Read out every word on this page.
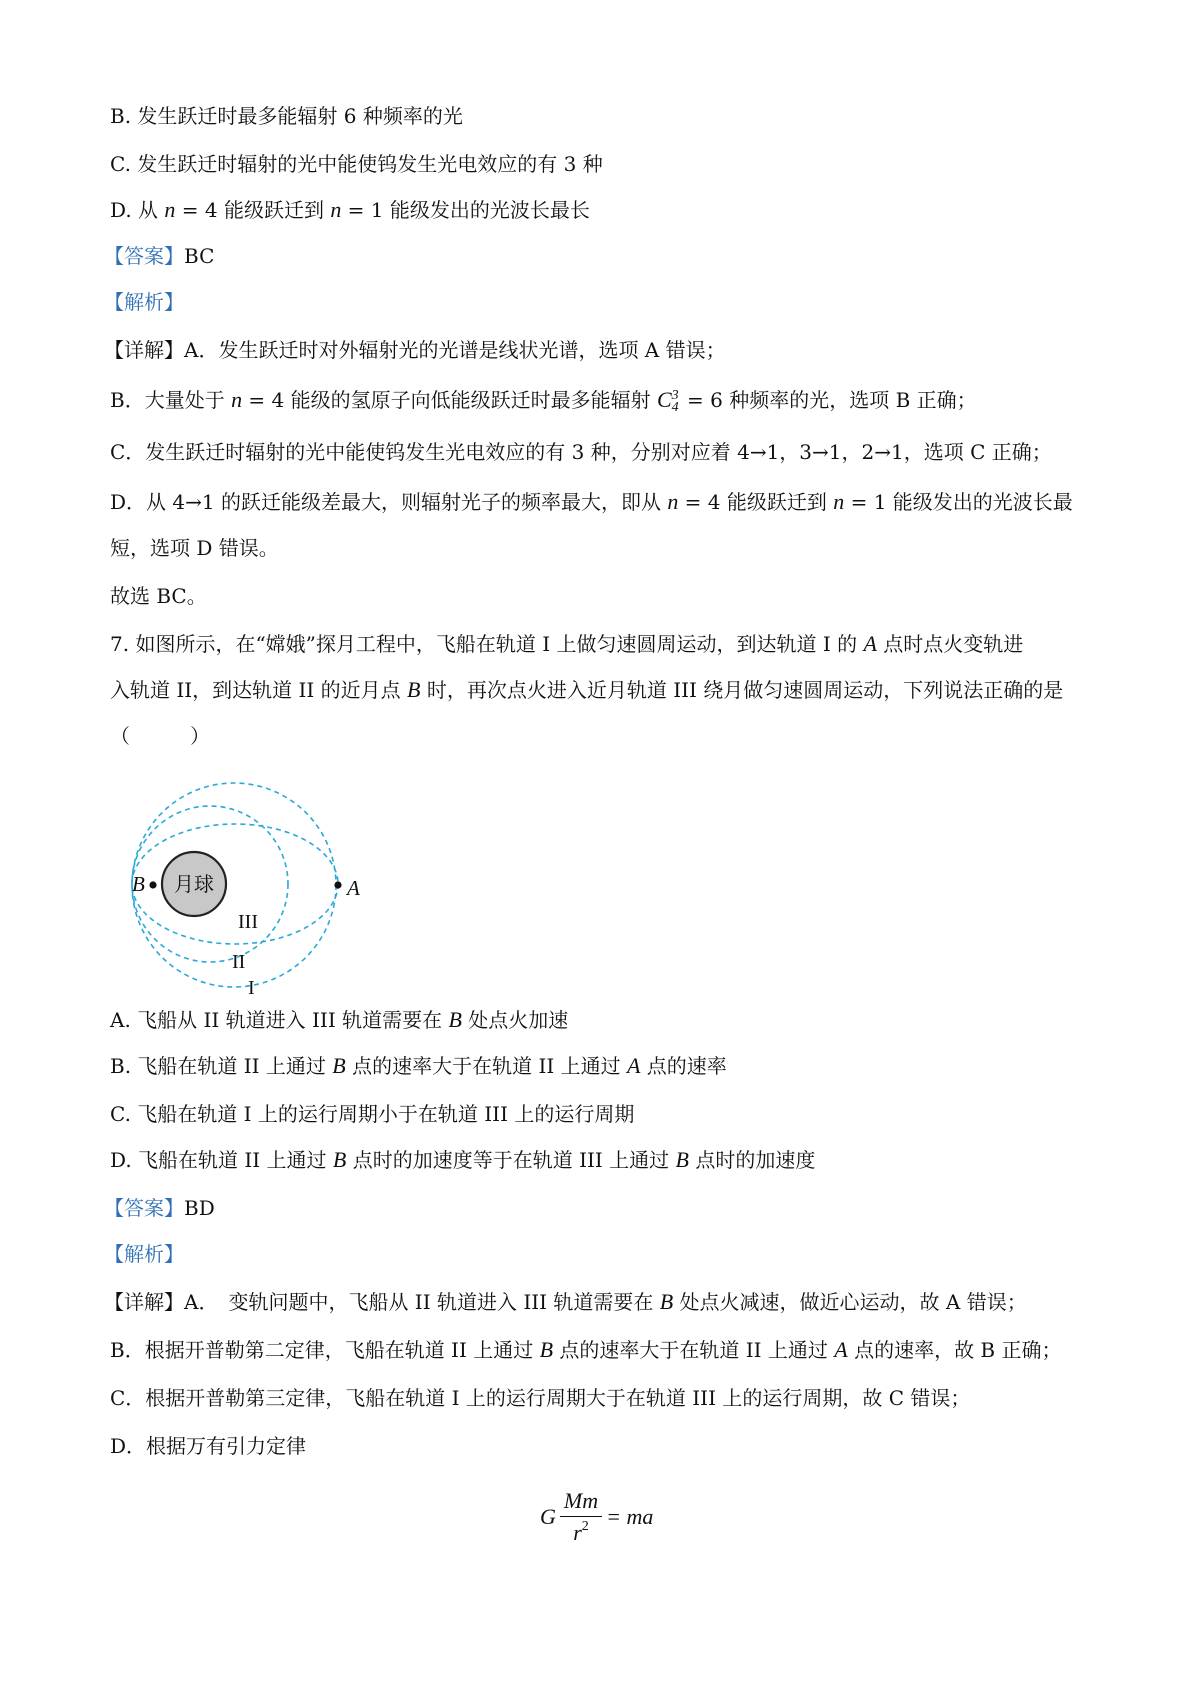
B. 发生跃迁时最多能辐射 6 种频率的光
C. 发生跃迁时辐射的光中能使钨发生光电效应的有 3 种
D. 从 n = 4 能级跃迁到 n = 1 能级发出的光波长最长
【答案】BC
【解析】
【详解】A．发生跃迁时对外辐射光的光谱是线状光谱，选项 A 错误；
B．大量处于 n = 4 能级的氢原子向低能级跃迁时最多能辐射 C 3
4 = 6 种频率的光，选项 B 正确；
C．发生跃迁时辐射的光中能使钨发生光电效应的有 3 种，分别对应着 4→1，3→1，2→1，选项 C 正确；
D．从 4→1 的跃迁能级差最大，则辐射光子的频率最大，即从 n = 4 能级跃迁到 n = 1 能级发出的光波长最
短，选项 D 错误。
故选 BC。
7. 如图所示，在“嫦娥”探月工程中，飞船在轨道 I 上做匀速圆周运动，到达轨道 I 的 A 点时点火变轨进
入轨道 II，到达轨道 II 的近月点 B 时，再次点火进入近月轨道 III 绕月做匀速圆周运动，下列说法正确的是
（　　　）
月球
B	A
III
II
I
A. 飞船从 II 轨道进入 III 轨道需要在 B 处点火加速
B. 飞船在轨道 II 上通过 B 点的速率大于在轨道 II 上通过 A 点的速率
C. 飞船在轨道 I 上的运行周期小于在轨道 III 上的运行周期
D. 飞船在轨道 II 上通过 B 点时的加速度等于在轨道 III 上通过 B 点时的加速度
【答案】BD
【解析】
【详解】A．　变轨问题中，飞船从 II 轨道进入 III 轨道需要在 B 处点火减速，做近心运动，故 A 错误；
B．根据开普勒第二定律，飞船在轨道 II 上通过 B 点的速率大于在轨道 II 上通过 A 点的速率，故 B 正确；
C．根据开普勒第三定律，飞船在轨道 I 上的运行周期大于在轨道 III 上的运行周期，故 C 错误；
D．根据万有引力定律
G $\frac{Mm}{r^2}$ = ma
